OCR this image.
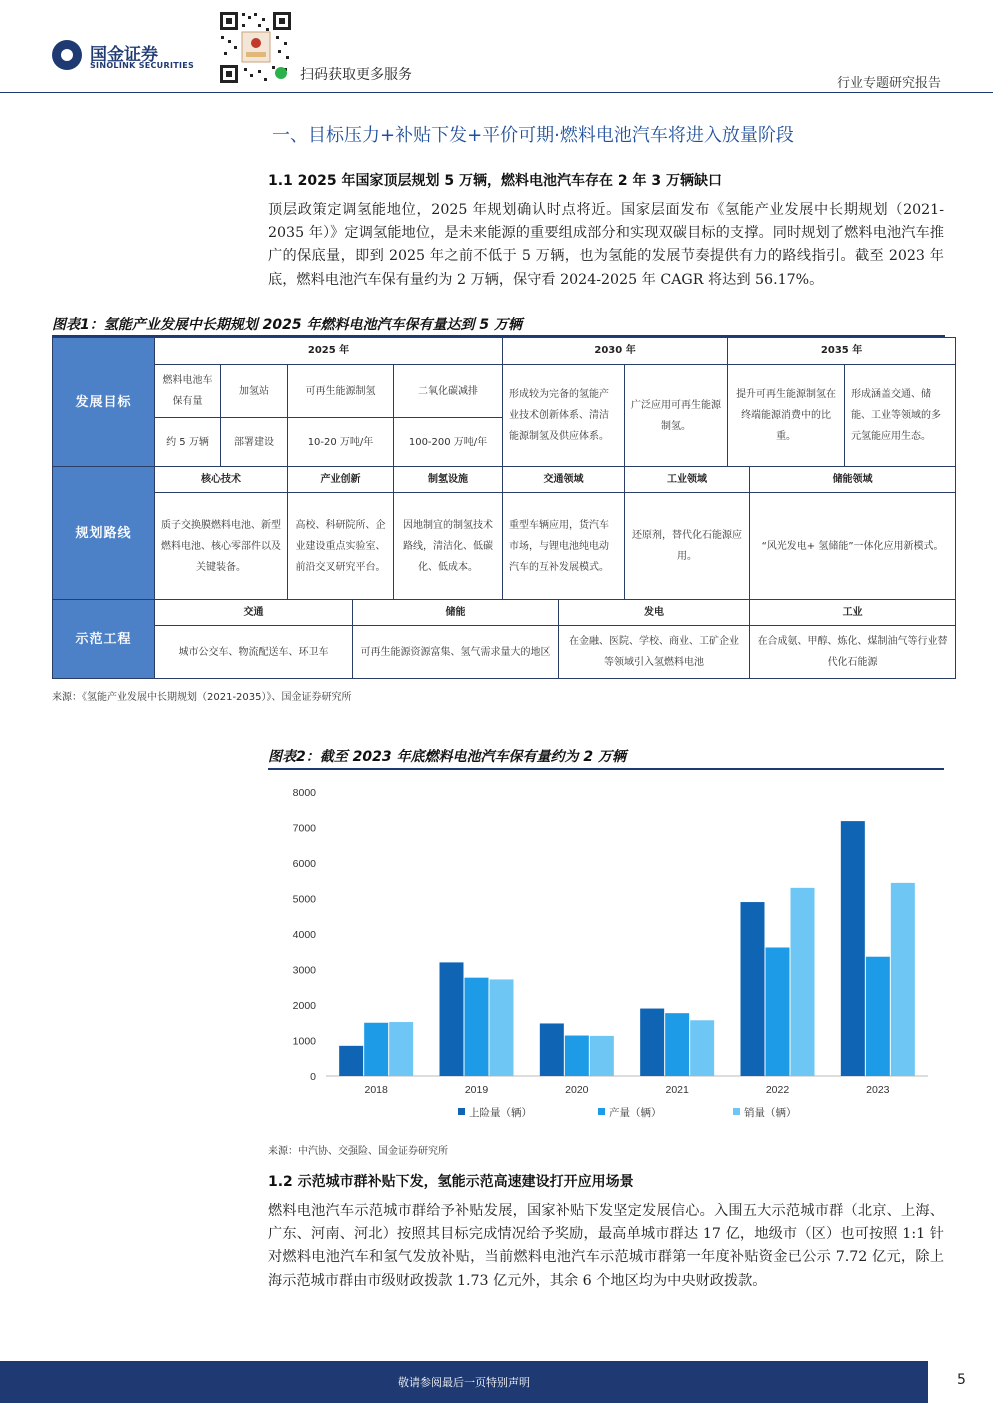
国金证券
SINOLINK SECURITIES
扫码获取更多服务
行业专题研究报告
一、目标压力+补贴下发+平价可期·燃料电池汽车将进入放量阶段
1.1 2025 年国家顶层规划 5 万辆，燃料电池汽车存在 2 年 3 万辆缺口
顶层政策定调氢能地位，2025 年规划确认时点将近。国家层面发布《氢能产业发展中长期规划（2021-2035 年）》定调氢能地位，是未来能源的重要组成部分和实现双碳目标的支撑。同时规划了燃料电池汽车推广的保底量，即到 2025 年之前不低于 5 万辆，也为氢能的发展节奏提供有力的路线指引。截至 2023 年底，燃料电池汽车保有量约为 2 万辆，保守看 2024-2025 年 CAGR 将达到 56.17%。
图表1：氢能产业发展中长期规划 2025 年燃料电池汽车保有量达到 5 万辆
发展目标	2025 年					2030 年			2035 年		
	燃料电池车保有量	加氢站	可再生能源制氢		二氧化碳减排	形成较为完备的氢能产业技术创新体系、清洁能源制氢及供应体系。		广泛应用可再生能源制氢。	提升可再生能源制氢在终端能源消费中的比重。		形成涵盖交通、储能、工业等领域的多元氢能应用生态。
	约 5 万辆	部署建设	10-20 万吨/年		100-200 万吨/年						
规划路线	核心技术		产业创新		制氢设施	交通领域		工业领域		储能领域	
	质子交换膜燃料电池、新型燃料电池、核心零部件以及关键装备。		高校、科研院所、企业建设重点实验室、前沿交叉研究平台。		因地制宜的制氢技术路线，清洁化、低碳化、低成本。	重型车辆应用，货汽车市场，与锂电池纯电动汽车的互补发展模式。		还原剂，替代化石能源应用。		“风光发电+ 氢储能”一体化应用新模式。	
示范工程	交通			储能			发电			工业	
	城市公交车、物流配送车、环卫车			可再生能源资源富集、氢气需求量大的地区			在金融、医院、学校、商业、工矿企业等领域引入氢燃料电池			在合成氨、甲醇、炼化、煤制油气等行业替代化石能源	
来源：《氢能产业发展中长期规划（2021-2035）》、国金证券研究所
图表2：截至 2023 年底燃料电池汽车保有量约为 2 万辆
0
1000
2000
3000
4000
5000
6000
7000
8000
2018	2019	2020	2021	2022	2023
上险量（辆）	产量（辆）	销量（辆）
来源：中汽协、交强险、国金证券研究所
1.2 示范城市群补贴下发，氢能示范高速建设打开应用场景
燃料电池汽车示范城市群给予补贴发展，国家补贴下发坚定发展信心。入围五大示范城市群（北京、上海、广东、河南、河北）按照其目标完成情况给予奖励，最高单城市群达 17 亿，地级市（区）也可按照 1:1 针对燃料电池汽车和氢气发放补贴，当前燃料电池汽车示范城市群第一年度补贴资金已公示 7.72 亿元，除上海示范城市群由市级财政拨款 1.73 亿元外，其余 6 个地区均为中央财政拨款。
敬请参阅最后一页特别声明	5
